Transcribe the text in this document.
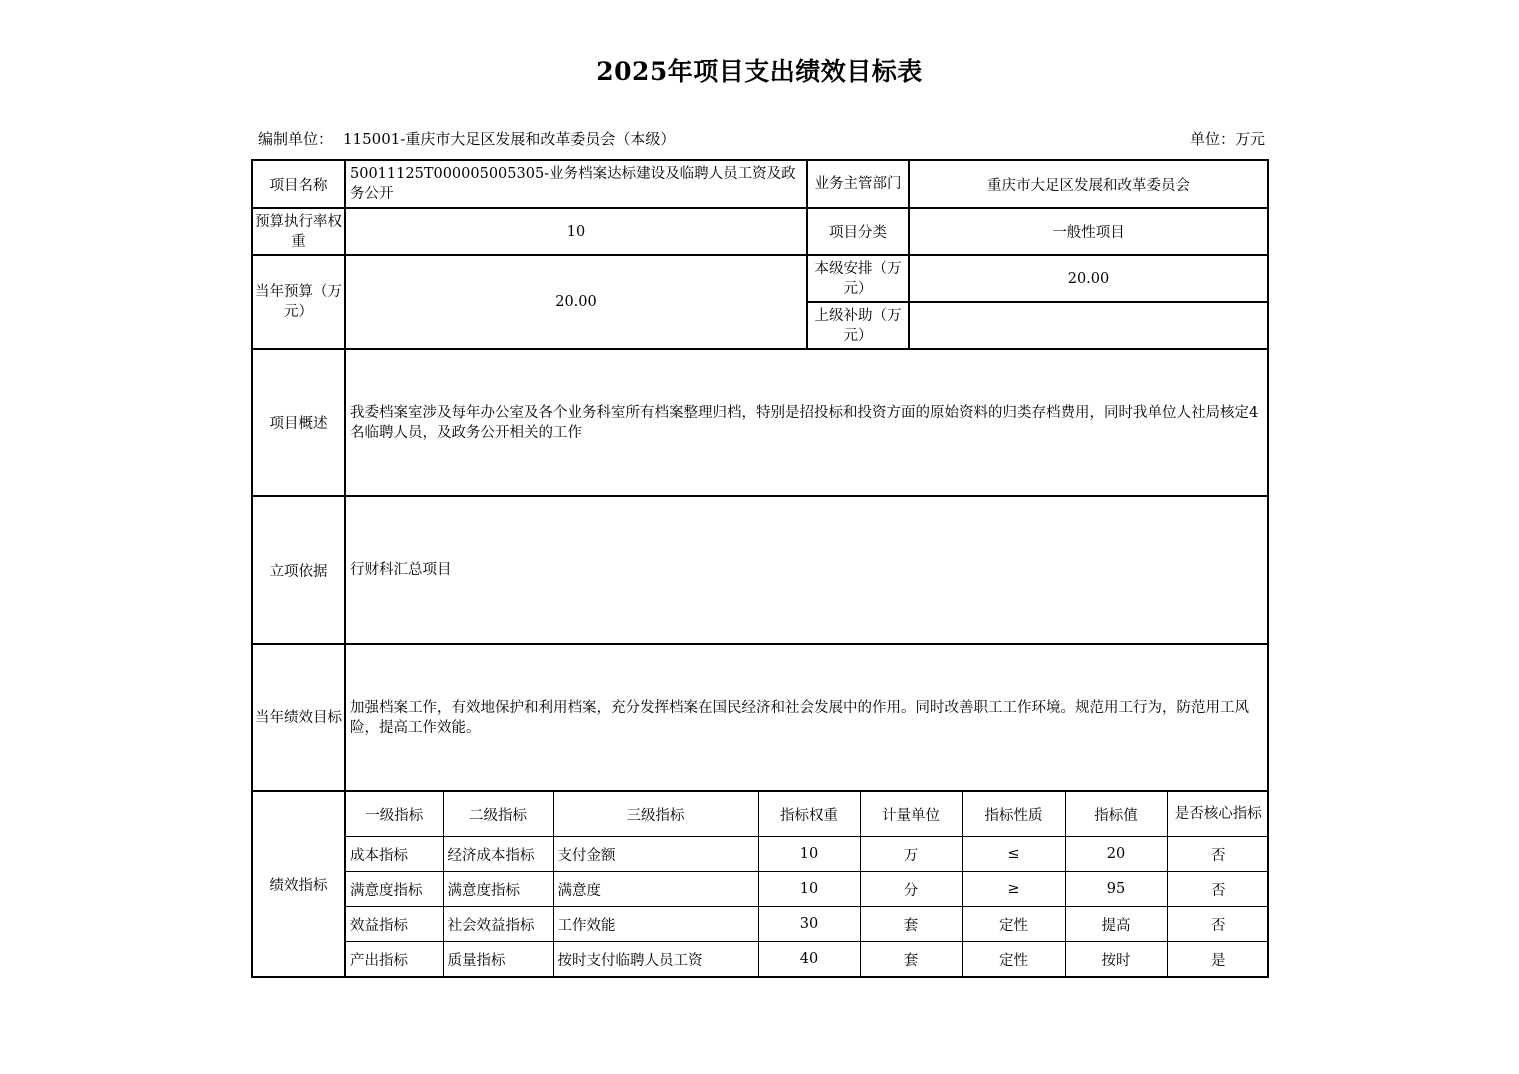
2025年项目支出绩效目标表
编制单位： 115001-重庆市大足区发展和改革委员会（本级）	单位：万元
项目名称	50011125T000005005305-业务档案达标建设及临聘人员工资及政务公开	业务主管部门	重庆市大足区发展和改革委员会
预算执行率权重	10	项目分类	一般性项目
当年预算（万元）	20.00	本级安排（万元）	20.00
上级补助（万元）	
项目概述	我委档案室涉及每年办公室及各个业务科室所有档案整理归档，特别是招投标和投资方面的原始资料的归类存档费用，同时我单位人社局核定4名临聘人员，及政务公开相关的工作
立项依据	行财科汇总项目
当年绩效目标	加强档案工作，有效地保护和利用档案，充分发挥档案在国民经济和社会发展中的作用。同时改善职工工作环境。规范用工行为，防范用工风险，提高工作效能。
绩效指标	
一级指标	二级指标	三级指标	指标权重	计量单位	指标性质	指标值	是否核心指标
成本指标	经济成本指标	支付金额	10	万	≤	20	否
满意度指标	满意度指标	满意度	10	分	≥	95	否
效益指标	社会效益指标	工作效能	30	套	定性	提高	否
产出指标	质量指标	按时支付临聘人员工资	40	套	定性	按时	是
